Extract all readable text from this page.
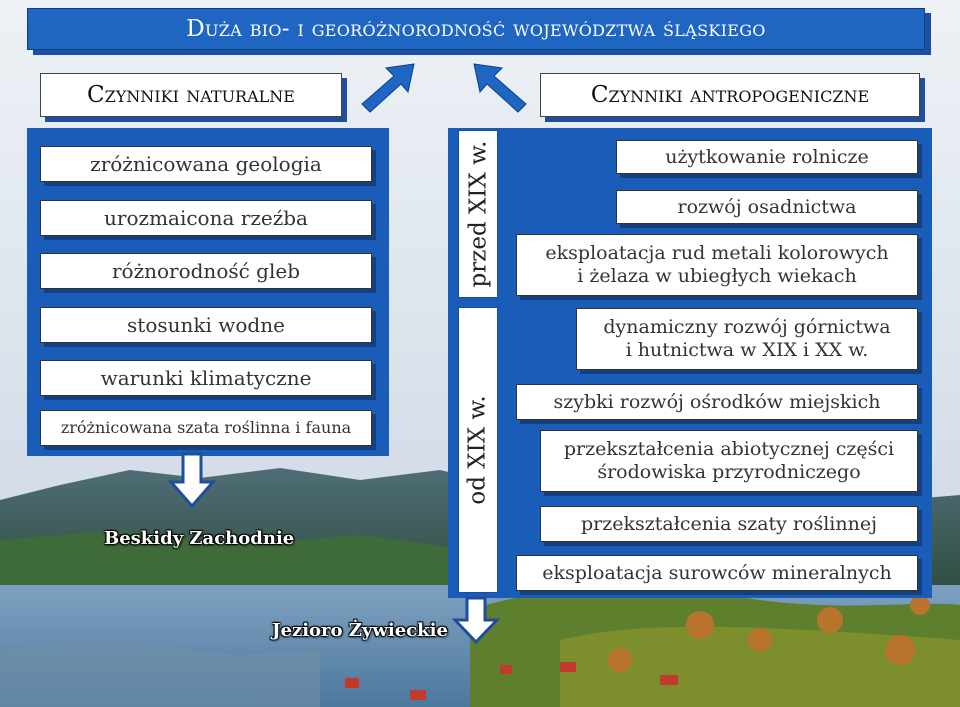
Duża bio- i georóżnorodność województwa śląskiego
Czynniki naturalne	Czynniki antropogeniczne
zróżnicowana geologia
urozmaicona rzeźba
różnorodność gleb
stosunki wodne
warunki klimatyczne
zróżnicowana szata roślinna i fauna
przed XIX w.
od XIX w.
użytkowanie rolnicze
rozwój osadnictwa
eksploatacja rud metali kolorowych
i żelaza w ubiegłych wiekach
dynamiczny rozwój górnictwa
i hutnictwa w XIX i XX w.
szybki rozwój ośrodków miejskich
przekształcenia abiotycznej części
środowiska przyrodniczego
przekształcenia szaty roślinnej
eksploatacja surowców mineralnych
Beskidy Zachodnie
Jezioro Żywieckie
